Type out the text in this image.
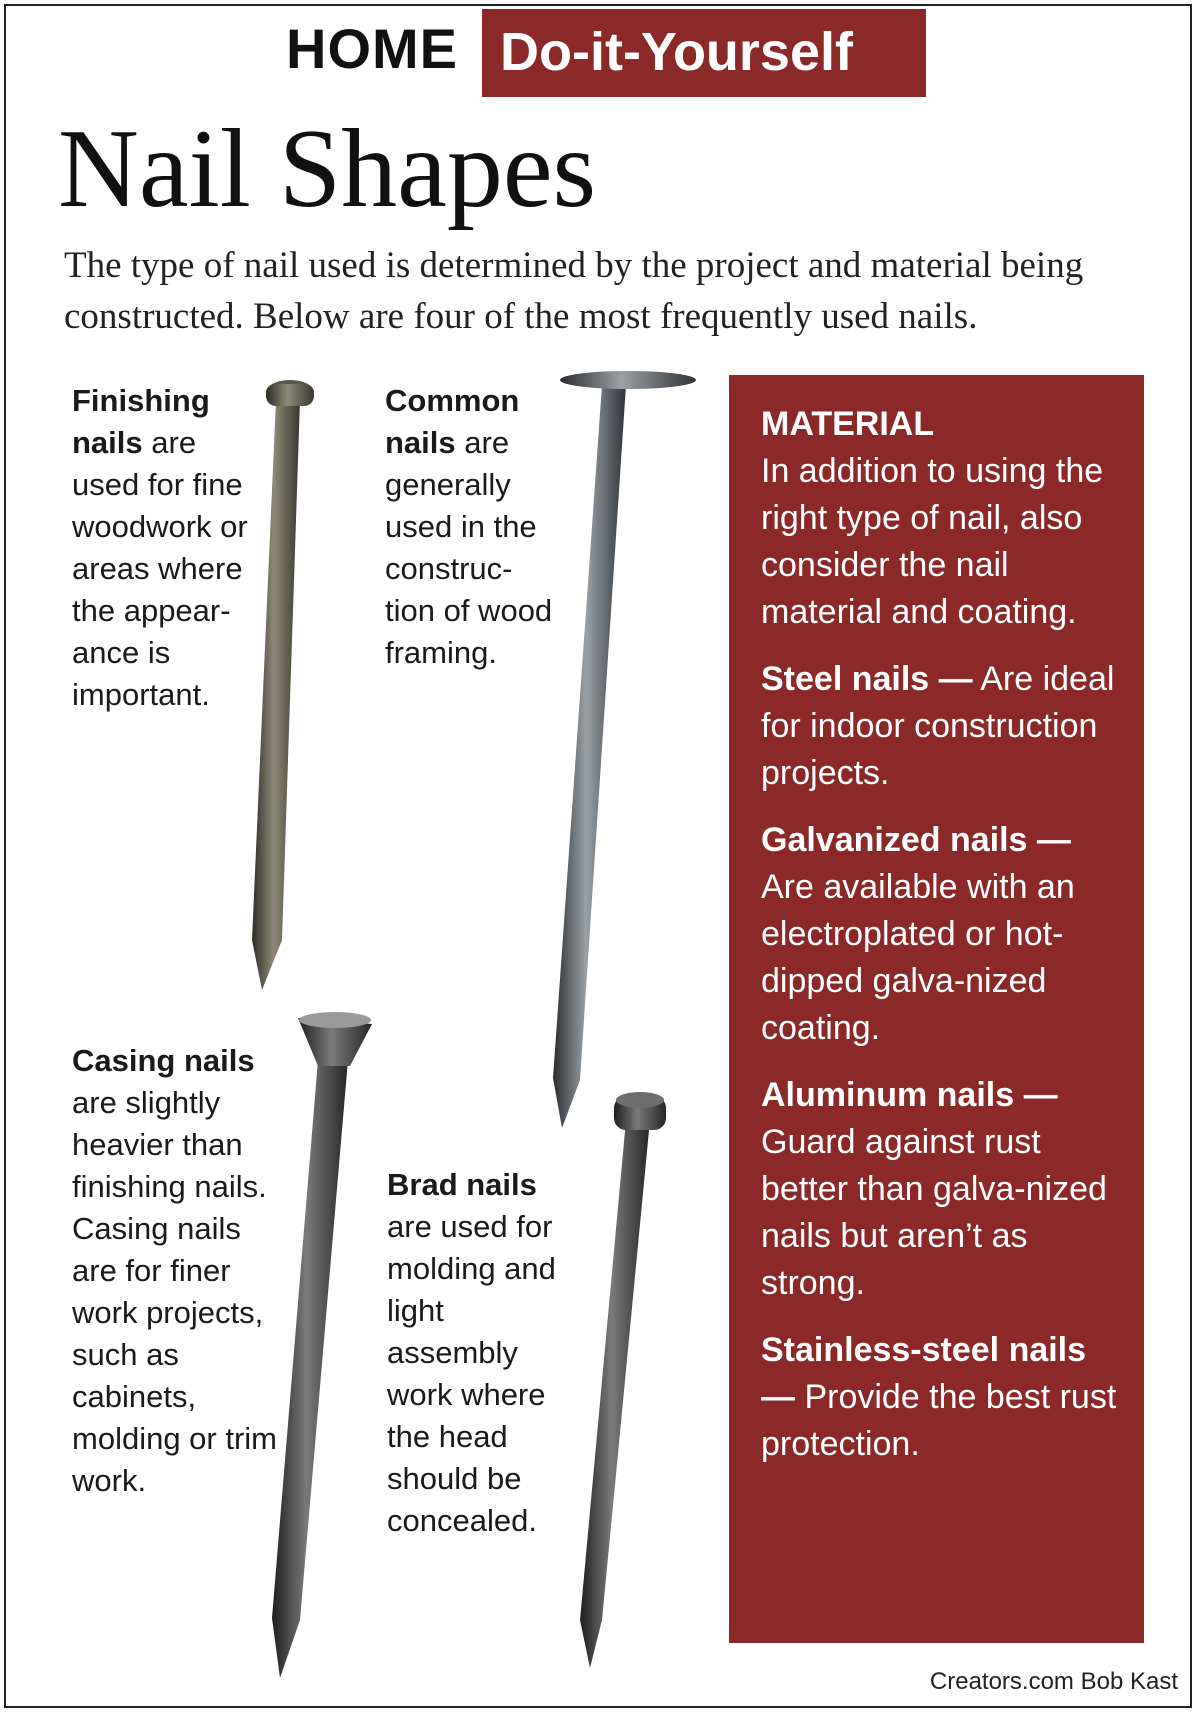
HOME Do-it-Yourself
Nail Shapes
The type of nail used is determined by the project and material being constructed. Below are four of the most frequently used nails.
Finishing nails are used for fine woodwork or areas where the appear-ance is important.
Common nails are generally used in the construc-tion of wood framing.
Casing nails are slightly heavier than finishing nails. Casing nails are for finer work projects, such as cabinets, molding or trim work.
Brad nails are used for molding and light assembly work where the head should be concealed.
MATERIAL

In addition to using the right type of nail, also consider the nail material and coating.

Steel nails — Are ideal for indoor construction projects.

Galvanized nails — Are available with an electroplated or hot-dipped galva-nized coating.

Aluminum nails — Guard against rust better than galva-nized nails but aren’t as strong.

Stainless-steel nails — Provide the best rust protection.

Creators.com Bob Kast
